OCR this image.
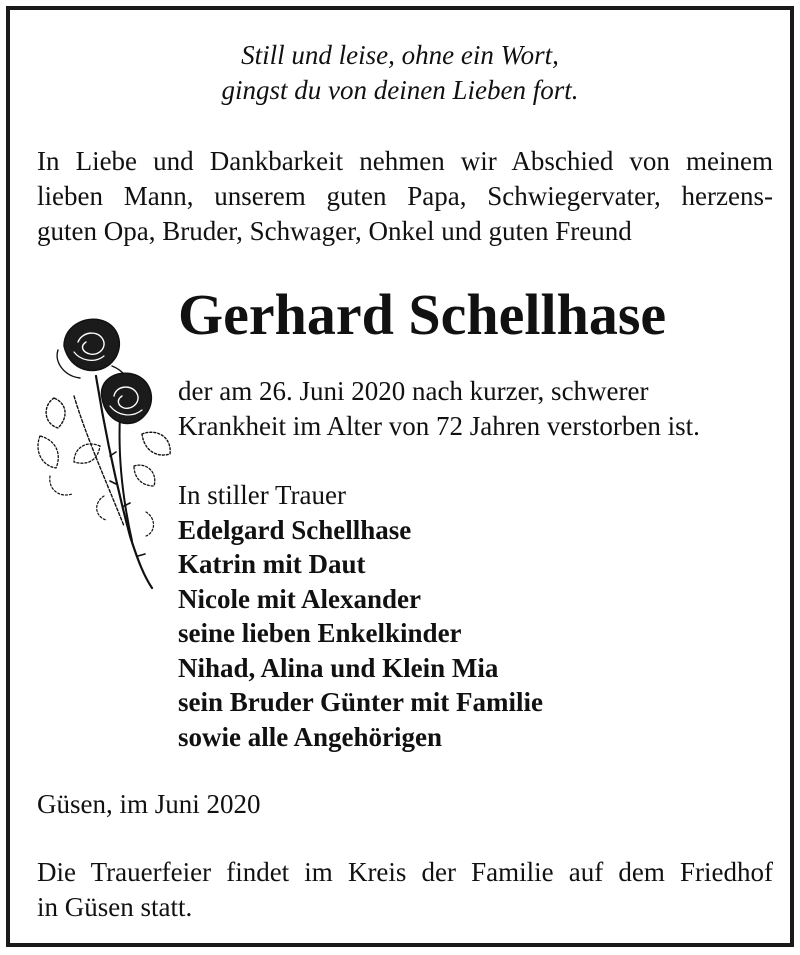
Still und leise, ohne ein Wort,
gingst du von deinen Lieben fort.
In Liebe und Dankbarkeit nehmen wir Abschied von meinem
lieben Mann, unserem guten Papa, Schwiegervater, herzens-
guten Opa, Bruder, Schwager, Onkel und guten Freund
Gerhard Schellhase
der am 26. Juni 2020 nach kurzer, schwerer
Krankheit im Alter von 72 Jahren verstorben ist.
In stiller Trauer
Edelgard Schellhase
Katrin mit Daut
Nicole mit Alexander
seine lieben Enkelkinder
Nihad, Alina und Klein Mia
sein Bruder Günter mit Familie
sowie alle Angehörigen
Güsen, im Juni 2020
Die Trauerfeier findet im Kreis der Familie auf dem Friedhof
in Güsen statt.
